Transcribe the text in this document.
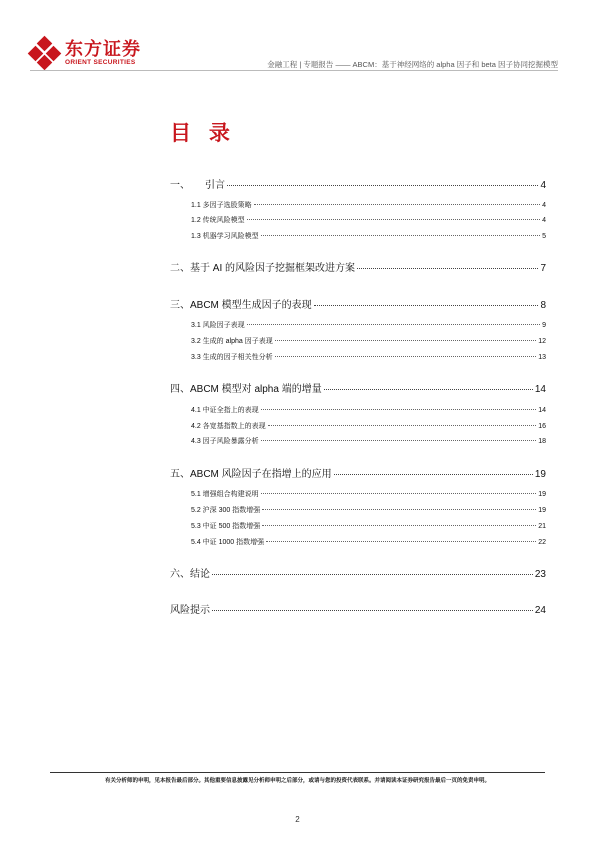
东方证券
ORIENT SECURITIES	金融工程 | 专题报告 —— ABCM：基于神经网络的 alpha 因子和 beta 因子协同挖掘模型
目 录
一、　　引言	4
1.1 多因子选股策略	4
1.2 传统风险模型	4
1.3 机器学习风险模型	5
二、基于 AI 的风险因子挖掘框架改进方案	7
三、ABCM 模型生成因子的表现	8
3.1 风险因子表现	9
3.2 生成的 alpha 因子表现	12
3.3 生成的因子相关性分析	13
四、ABCM 模型对 alpha 端的增量	14
4.1 中证全指上的表现	14
4.2 各宽基指数上的表现	16
4.3 因子风险暴露分析	18
五、ABCM 风险因子在指增上的应用	19
5.1 增强组合构建说明	19
5.2 沪深 300 指数增强	19
5.3 中证 500 指数增强	21
5.4 中证 1000 指数增强	22
六、结论	23
风险提示	24
有关分析师的申明，见本报告最后部分。其他重要信息披露见分析师申明之后部分，或请与您的投资代表联系。并请阅读本证券研究报告最后一页的免责申明。
2
